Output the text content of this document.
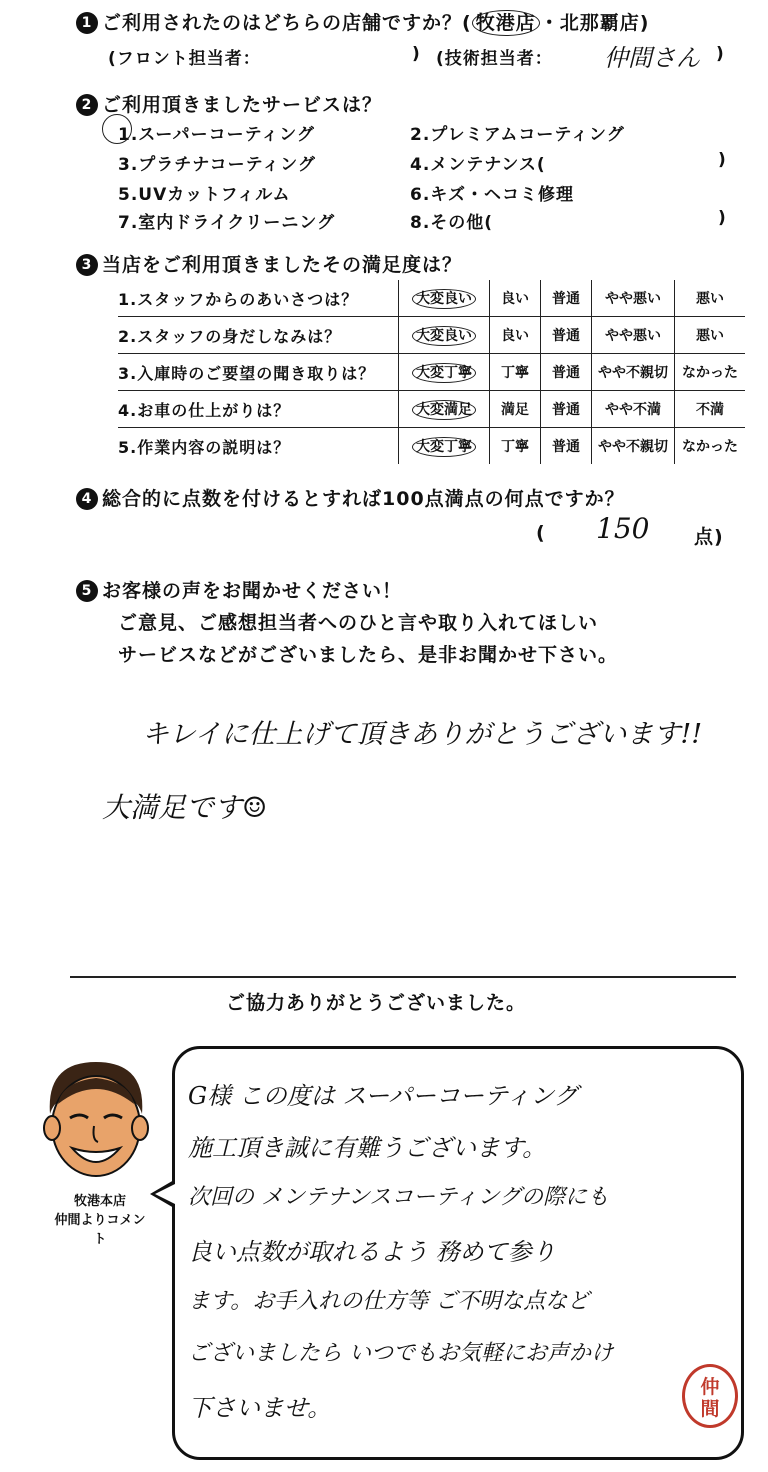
1 ご利用されたのはどちらの店舗ですか？( 牧港店 ・北那覇店)
(フロント担当者：	) (技術担当者： 仲間さん )
2 ご利用頂きましたサービスは？
1.スーパーコーティング	2.プレミアムコーティング
3.プラチナコーティング	4.メンテナンス(	)
5.UVカットフィルム	6.キズ・ヘコミ修理
7.室内ドライクリーニング	8.その他(	)
3 当店をご利用頂きましたその満足度は？
1.スタッフからのあいさつは？	大変良い	良い	普通	やや悪い	悪い
2.スタッフの身だしなみは？	大変良い	良い	普通	やや悪い	悪い
3.入庫時のご要望の聞き取りは？	大変丁寧	丁寧	普通	やや不親切	なかった
4.お車の仕上がりは？	大変満足	満足	普通	やや不満	不満
5.作業内容の説明は？	大変丁寧	丁寧	普通	やや不親切	なかった
4 総合的に点数を付けるとすれば100点満点の何点ですか？
( 150 点)
5 お客様の声をお聞かせください！
ご意見、ご感想担当者へのひと言や取り入れてほしい
サービスなどがございましたら、是非お聞かせ下さい。
キレイに仕上げて頂きありがとうございます!!
大満足です☺
ご協力ありがとうございました。
牧港本店
仲間よりコメント
G様 この度は スーパーコーティング
施工頂き誠に有難うございます。
次回の メンテナンスコーティングの際にも
良い点数が取れるよう 務めて参り
ます。お手入れの仕方等 ご不明な点など
ございましたら いつでもお気軽にお声かけ
下さいませ。
仲間
